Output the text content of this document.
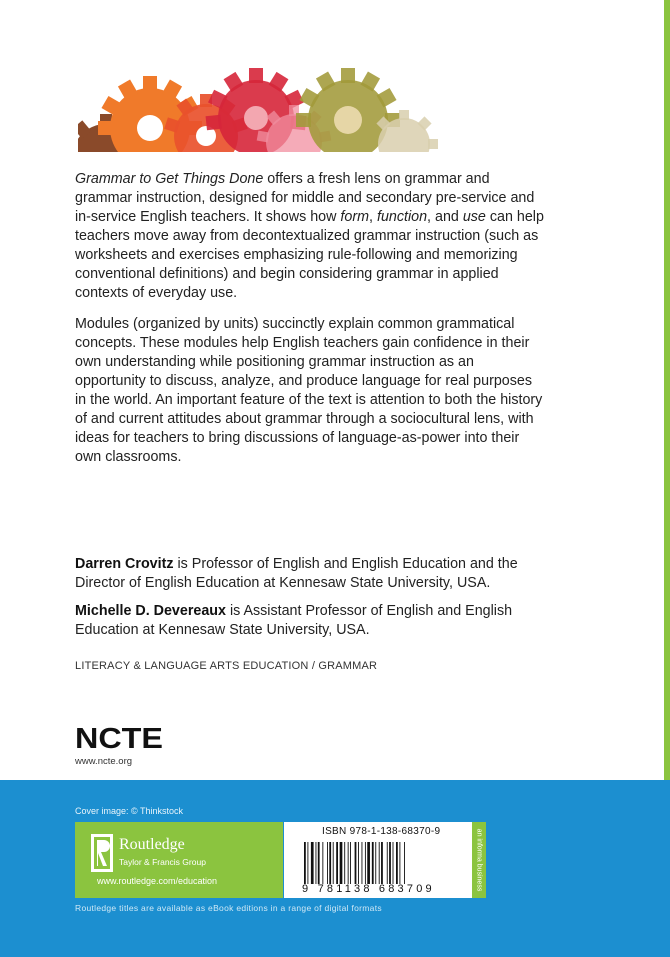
Grammar to Get Things Done offers a fresh lens on grammar and grammar instruction, designed for middle and secondary pre-service and in-service English teachers. It shows how form, function, and use can help teachers move away from decontextualized grammar instruction (such as worksheets and exercises emphasizing rule-following and memorizing conventional definitions) and begin considering grammar in applied contexts of everyday use.

Modules (organized by units) succinctly explain common grammatical concepts. These modules help English teachers gain confidence in their own understanding while positioning grammar instruction as an opportunity to discuss, analyze, and produce language for real purposes in the world. An important feature of the text is attention to both the history of and current attitudes about grammar through a sociocultural lens, with ideas for teachers to bring discussions of language-as-power into their own classrooms.

Darren Crovitz is Professor of English and English Education and the Director of English Education at Kennesaw State University, USA.

Michelle D. Devereaux is Assistant Professor of English and English Education at Kennesaw State University, USA.

LITERACY & LANGUAGE ARTS EDUCATION / GRAMMAR
NCTE
www.ncte.org
Cover image: © Thinkstock
Routledge
Taylor & Francis Group
www.routledge.com/education
ISBN 978-1-138-68370-9
9 781138 683709	an informa business
Routledge titles are available as eBook editions in a range of digital formats
